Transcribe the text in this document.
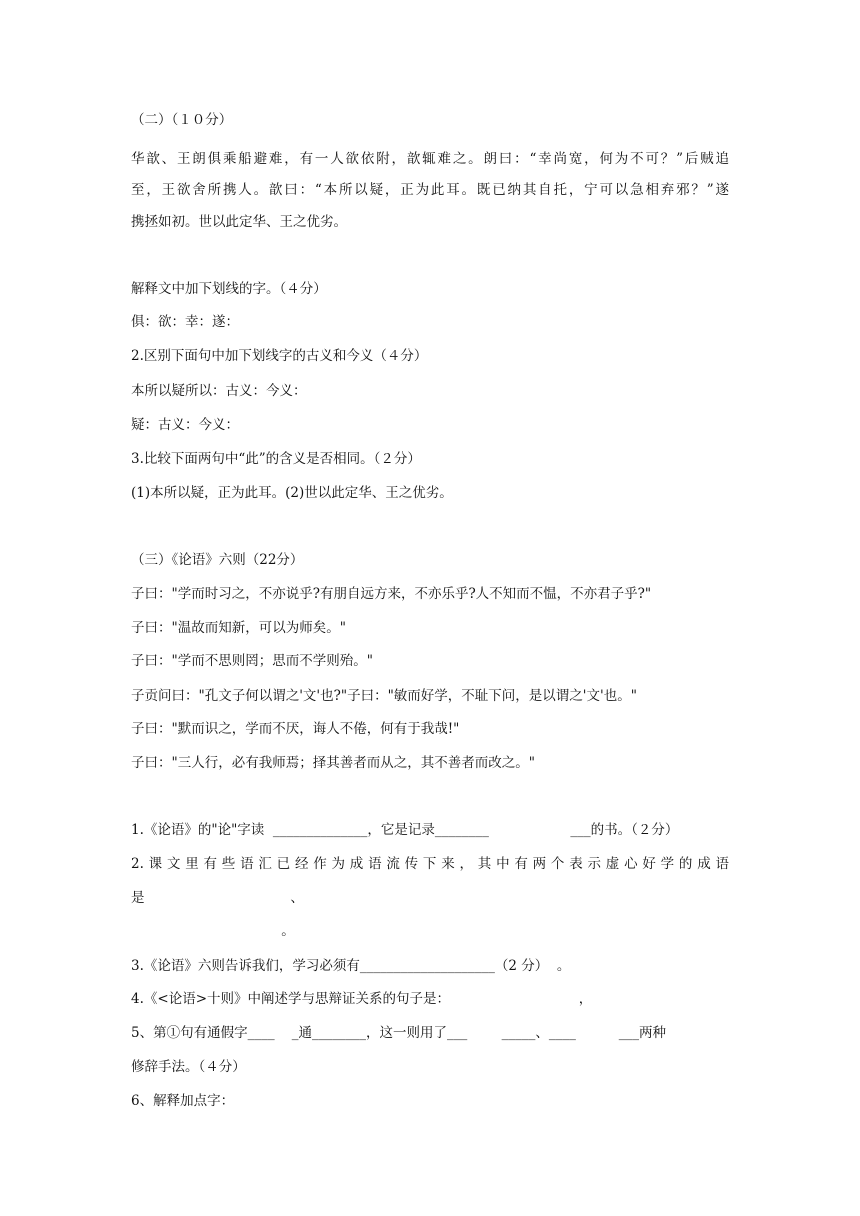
（二）（１０分）
华歆、王朗俱乘船避难，有一人欲依附，歆辄难之。朗曰：“幸尚宽，何为不可？”后贼追
至，王欲舍所携人。歆曰：“本所以疑，正为此耳。既已纳其自托，宁可以急相弃邪？”遂
携拯如初。世以此定华、王之优劣。
解释文中加下划线的字。（４分）
俱：欲：幸：遂：
2.区别下面句中加下划线字的古义和今义（４分）
本所以疑所以：古义：今义：
疑：古义：今义：
3.比较下面两句中“此”的含义是否相同。（２分）
(1)本所以疑，正为此耳。(2)世以此定华、王之优劣。
（三）《论语》六则（22分）
子曰："学而时习之，不亦说乎?有朋自远方来，不亦乐乎?人不知而不愠，不亦君子乎?"
子曰："温故而知新，可以为师矣。"
子曰："学而不思则罔；思而不学则殆。"
子贡问曰："孔文子何以谓之'文'也?"子曰："敏而好学，不耻下问，是以谓之'文'也。"
子曰："默而识之，学而不厌，诲人不倦，何有于我哉!"
子曰："三人行，必有我师焉；择其善者而从之，其不善者而改之。"
1.《论语》的"论"字读  ______________，它是记录________                   ___的书。（２分）
2.课文里有些语汇已经作为成语流传下来，其中有两个表示虚心好学的成语
是                                  、
。
3.《论语》六则告诉我们，学习必须有____________________（2 分）  。
4.《<论语>十则》中阐述学与思辩证关系的句子是：                              ，
5、第①句有通假字____    _通________，这一则用了___        _____、____          ___两种
修辞手法。（４分）
6、解释加点字：
